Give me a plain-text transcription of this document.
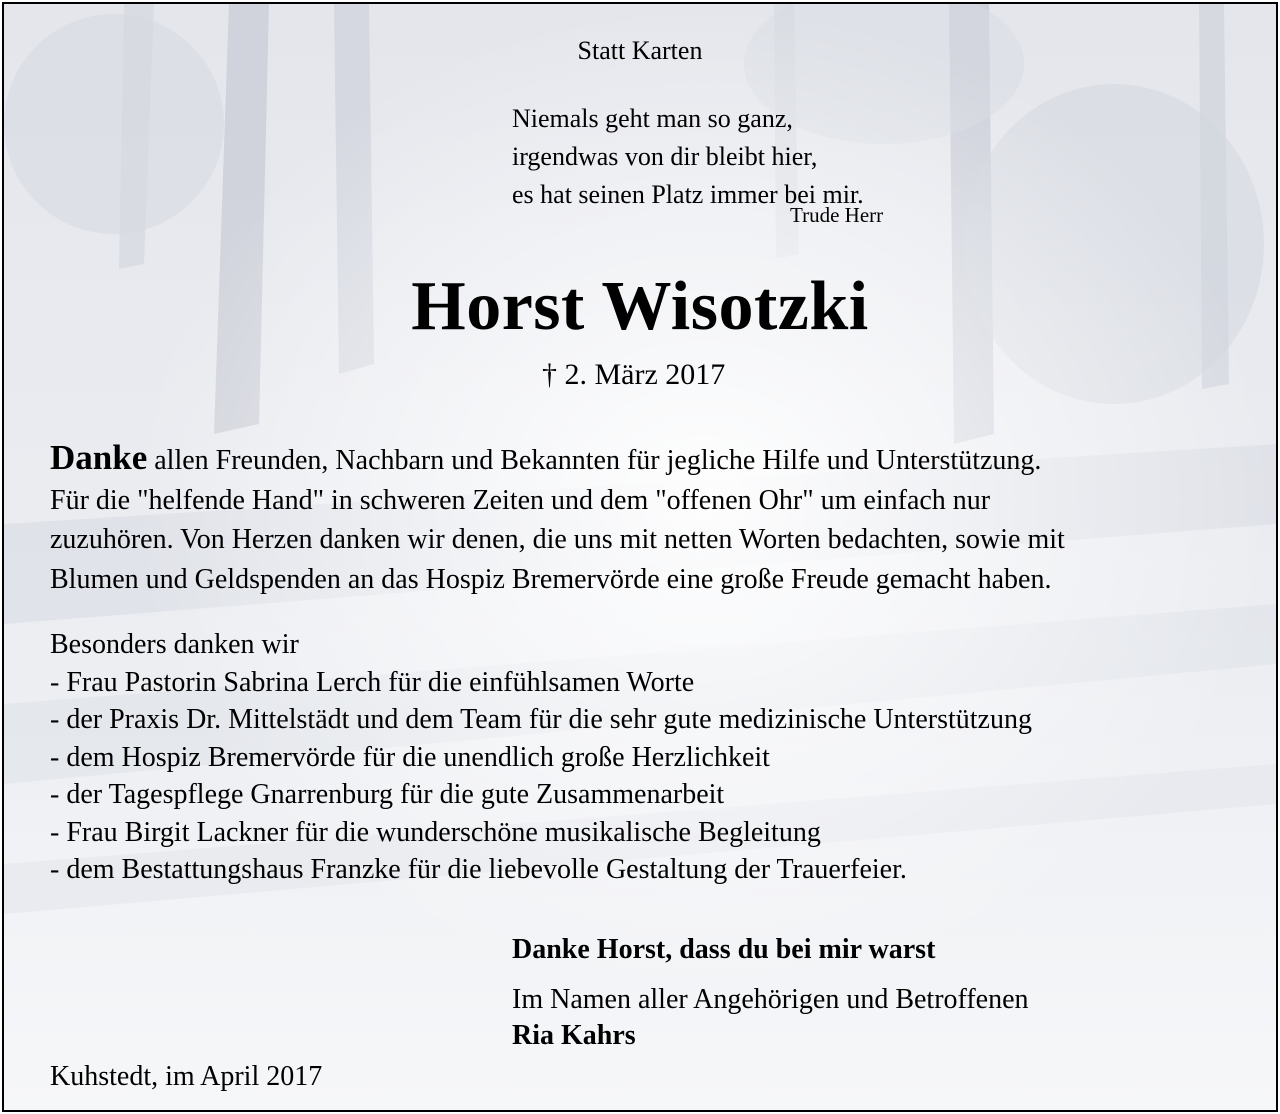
Statt Karten
Niemals geht man so ganz,
irgendwas von dir bleibt hier,
es hat seinen Platz immer bei mir.
Trude Herr
Horst Wisotzki
† 2. März 2017
Danke allen Freunden, Nachbarn und Bekannten für jegliche Hilfe und Unterstützung.
Für die "helfende Hand" in schweren Zeiten und dem "offenen Ohr" um einfach nur
zuzuhören. Von Herzen danken wir denen, die uns mit netten Worten bedachten, sowie mit
Blumen und Geldspenden an das Hospiz Bremervörde eine große Freude gemacht haben.
Besonders danken wir
- Frau Pastorin Sabrina Lerch für die einfühlsamen Worte
- der Praxis Dr. Mittelstädt und dem Team für die sehr gute medizinische Unterstützung
- dem Hospiz Bremervörde für die unendlich große Herzlichkeit
- der Tagespflege Gnarrenburg für die gute Zusammenarbeit
- Frau Birgit Lackner für die wunderschöne musikalische Begleitung
- dem Bestattungshaus Franzke für die liebevolle Gestaltung der Trauerfeier.
Danke Horst, dass du bei mir warst
Im Namen aller Angehörigen und Betroffenen
Ria Kahrs
Kuhstedt, im April 2017
